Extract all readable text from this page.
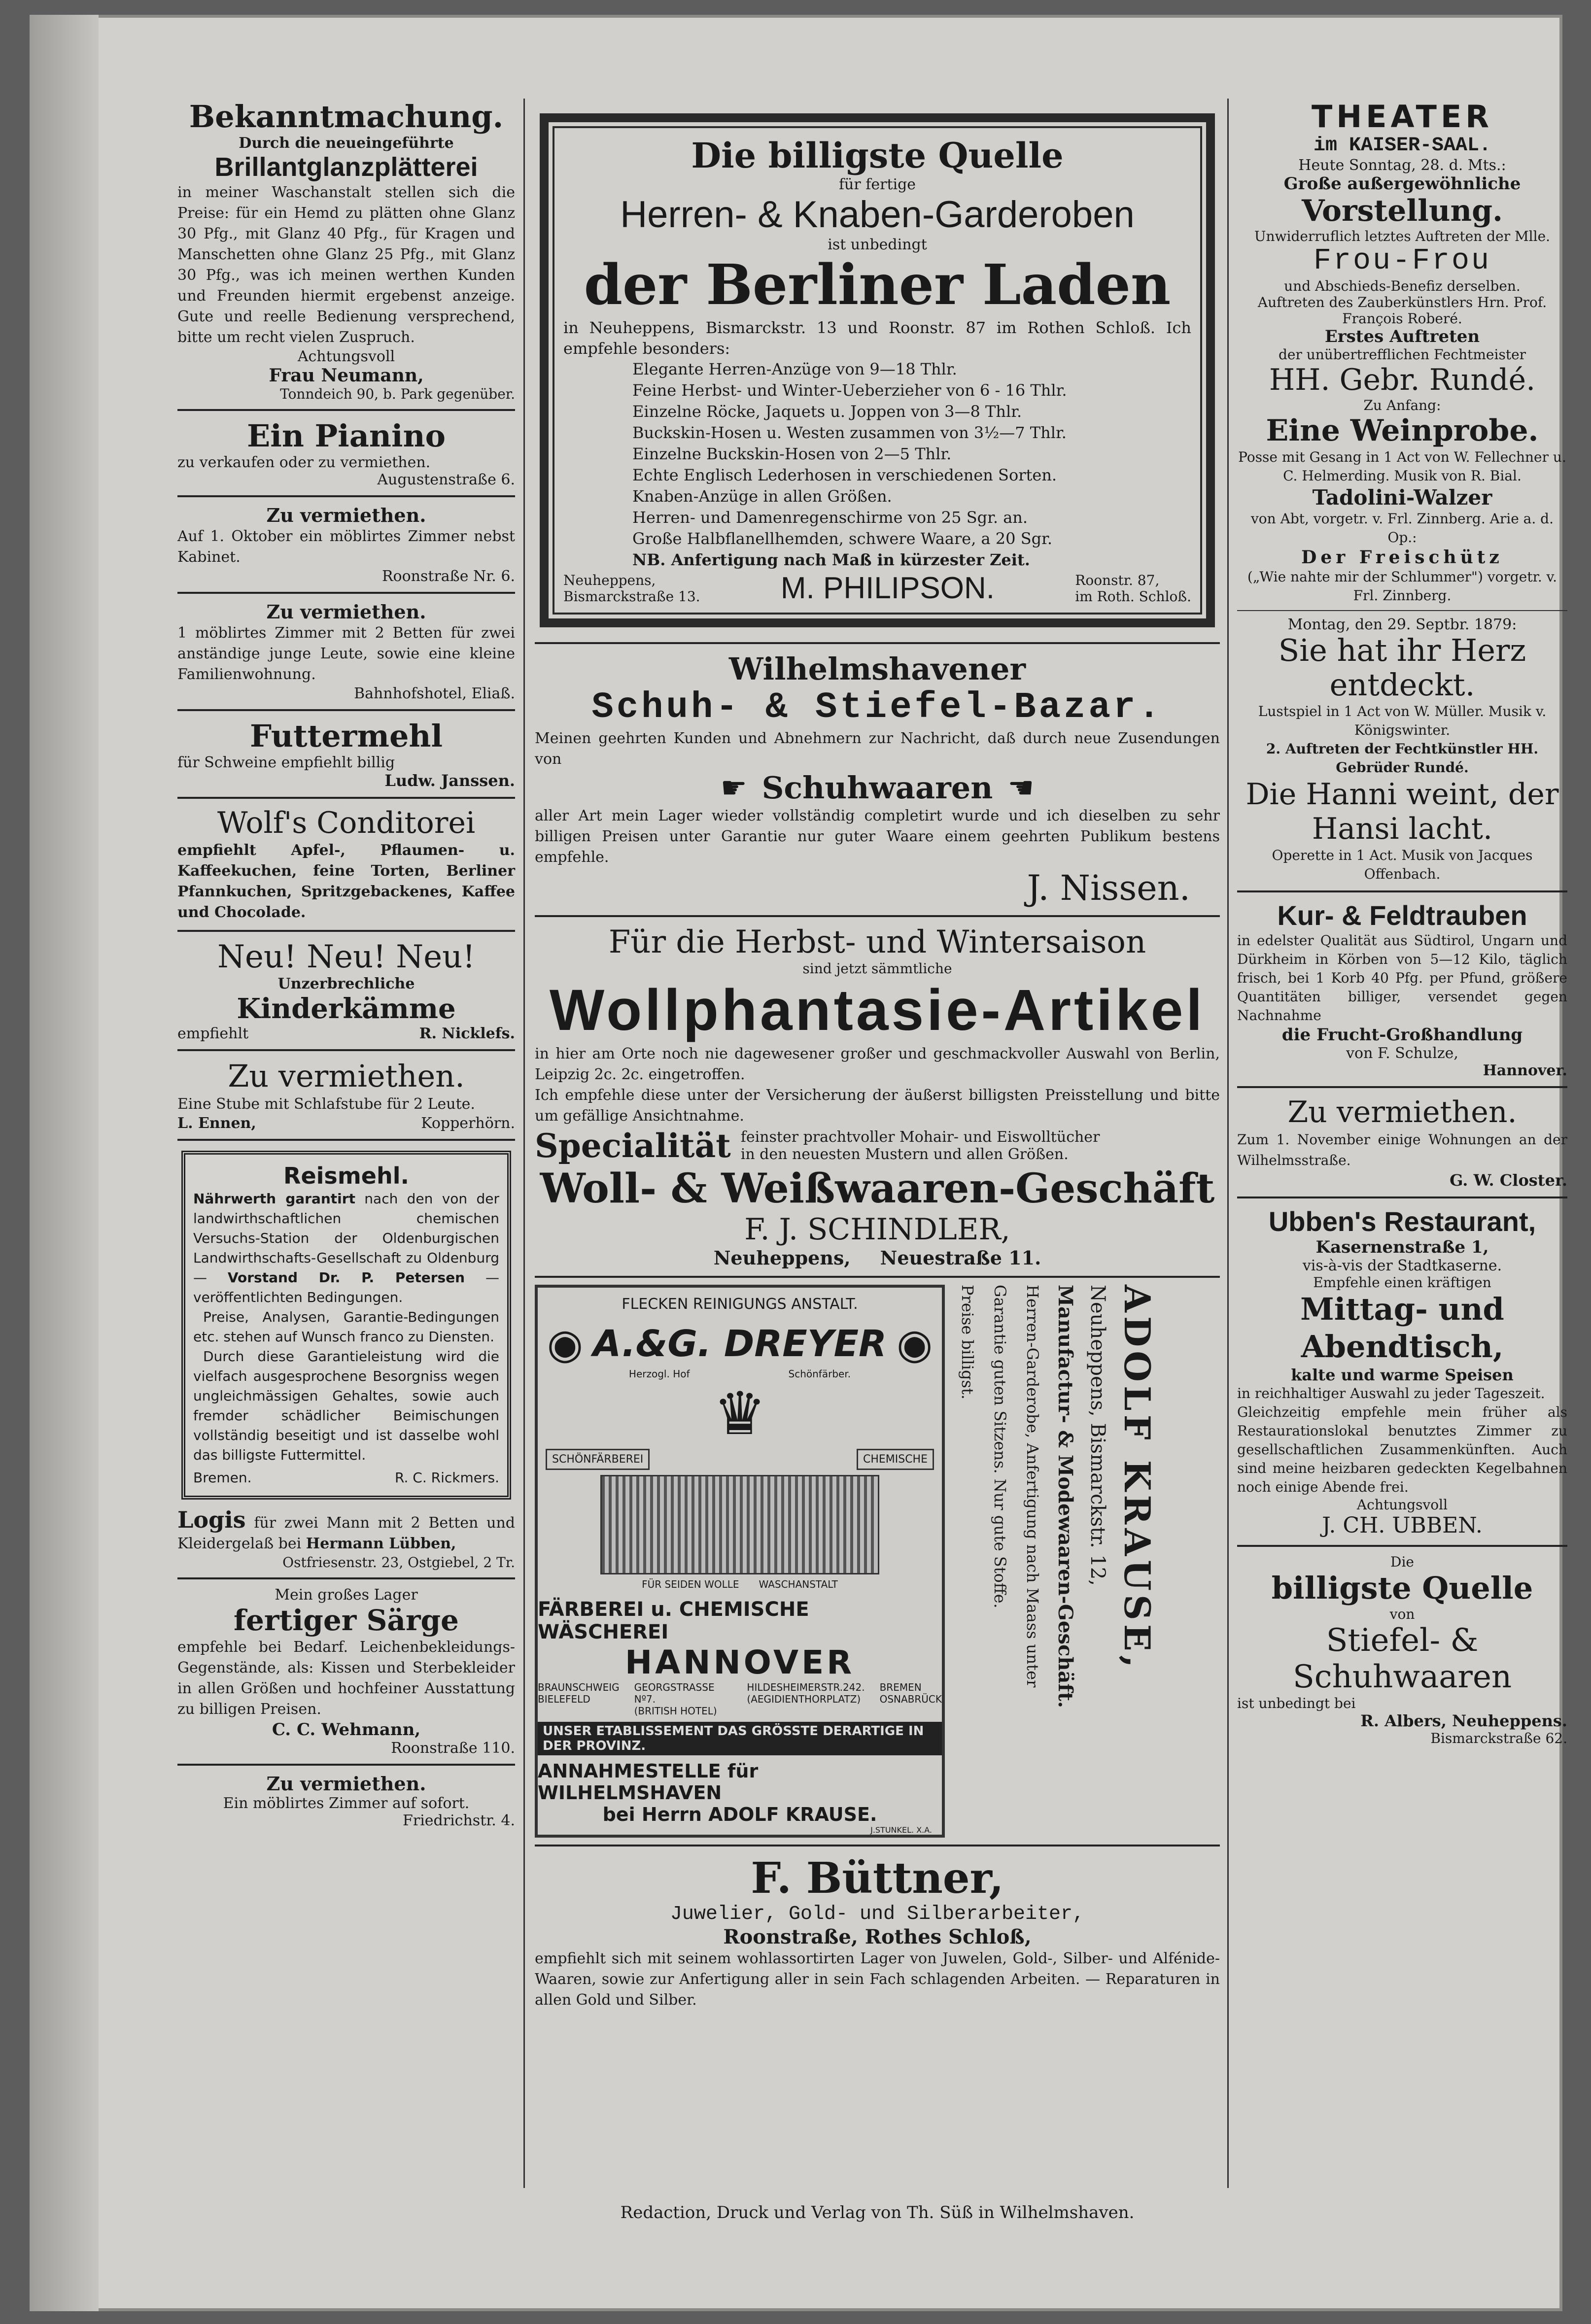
Bekanntmachung.

Durch die neueingeführte

Brillantglanzplätterei

in meiner Waschanstalt stellen sich die Preise: für ein Hemd zu plätten ohne Glanz 30 Pfg., mit Glanz 40 Pfg., für Kragen und Manschetten ohne Glanz 25 Pfg., mit Glanz 30 Pfg., was ich meinen werthen Kunden und Freunden hiermit ergebenst anzeige. Gute und reelle Bedienung versprechend, bitte um recht vielen Zuspruch.

Achtungsvoll

Frau Neumann,

Tonndeich 90, b. Park gegenüber.

Ein Pianino

zu verkaufen oder zu vermiethen.

Augustenstraße 6.

Zu vermiethen.

Auf 1. Oktober ein möblirtes Zimmer nebst Kabinet.

Roonstraße Nr. 6.

Zu vermiethen.

1 möblirtes Zimmer mit 2 Betten für zwei anständige junge Leute, sowie eine kleine Familienwohnung.

Bahnhofshotel, Eliaß.

Futtermehl

für Schweine empfiehlt billig

Ludw. Janssen.

Wolf's Conditorei

empfiehlt Apfel-, Pflaumen- u. Kaffeekuchen, feine Torten, Berliner Pfannkuchen, Spritzgebackenes, Kaffee und Chocolade.

Neu! Neu! Neu!

Unzerbrechliche

Kinderkämme

empfiehlt	R. Nicklefs.

Zu vermiethen.

Eine Stube mit Schlafstube für 2 Leute.

L. Ennen,	Kopperhörn.

Reismehl.

Nährwerth garantirt nach den von der landwirthschaftlichen chemischen Versuchs-Station der Oldenburgischen Landwirthschafts-Gesellschaft zu Oldenburg — Vorstand Dr. P. Petersen — veröffentlichten Bedingungen.

Preise, Analysen, Garantie-Bedingungen etc. stehen auf Wunsch franco zu Diensten.

Durch diese Garantieleistung wird die vielfach ausgesprochene Besorgniss wegen ungleichmässigen Gehaltes, sowie auch fremder schädlicher Beimischungen vollständig beseitigt und ist dasselbe wohl das billigste Futtermittel.

Bremen.	R. C. Rickmers.

Logis für zwei Mann mit 2 Betten und Kleidergelaß bei Hermann Lübben,

Ostfriesenstr. 23, Ostgiebel, 2 Tr.

Mein großes Lager

fertiger Särge

empfehle bei Bedarf. Leichenbekleidungs-Gegenstände, als: Kissen und Sterbekleider in allen Größen und hochfeiner Ausstattung zu billigen Preisen.

C. C. Wehmann,

Roonstraße 110.

Zu vermiethen.

Ein möblirtes Zimmer auf sofort.

Friedrichstr. 4.

Die billigste Quelle

für fertige

Herren- & Knaben-Garderoben

ist unbedingt

der Berliner Laden

in Neuheppens, Bismarckstr. 13 und Roonstr. 87 im Rothen Schloß. Ich empfehle besonders:

Elegante Herren-Anzüge von 9—18 Thlr.
Feine Herbst- und Winter-Ueberzieher von 6 - 16 Thlr.
Einzelne Röcke, Jaquets u. Joppen von 3—8 Thlr.
Buckskin-Hosen u. Westen zusammen von 3½—7 Thlr.
Einzelne Buckskin-Hosen von 2—5 Thlr.
Echte Englisch Lederhosen in verschiedenen Sorten.
Knaben-Anzüge in allen Größen.
Herren- und Damenregenschirme von 25 Sgr. an.
Große Halbflanellhemden, schwere Waare, a 20 Sgr.
NB. Anfertigung nach Maß in kürzester Zeit.
Neuheppens,
Bismarckstraße 13.	M. PHILIPSON.	Roonstr. 87,
im Roth. Schloß.

Wilhelmshavener

Schuh- & Stiefel-Bazar.

Meinen geehrten Kunden und Abnehmern zur Nachricht, daß durch neue Zusendungen von

☛ Schuhwaaren ☚

aller Art mein Lager wieder vollständig completirt wurde und ich dieselben zu sehr billigen Preisen unter Garantie nur guter Waare einem geehrten Publikum bestens empfehle.

J. Nissen.

Für die Herbst- und Wintersaison

sind jetzt sämmtliche

Wollphantasie-Artikel

in hier am Orte noch nie dagewesener großer und geschmackvoller Auswahl von Berlin, Leipzig 2c. 2c. eingetroffen.

Ich empfehle diese unter der Versicherung der äußerst billigsten Preisstellung und bitte um gefällige Ansichtnahme.

Specialität feinster prachtvoller Mohair- und Eiswolltücher
in den neuesten Mustern und allen Größen.

Woll- & Weißwaaren-Geschäft

F. J. SCHINDLER,

Neuheppens, Neuestraße 11.
FLECKEN REINIGUNGS ANSTALT.
◉ A.&G. DREYER ◉
Herzogl. Hof	Schönfärber.
♛
SCHÖNFÄRBEREI	CHEMISCHE
FÜR SEIDEN WOLLE WASCHANSTALT
FÄRBEREI u. CHEMISCHE WÄSCHEREI
HANNOVER
BRAUNSCHWEIG
BIELEFELD
GEORGSTRASSE Nº7.
(BRITISH HOTEL)
HILDESHEIMERSTR.242.
(AEGIDIENTHORPLATZ)
BREMEN
OSNABRÜCK
UNSER ETABLISSEMENT DAS GRÖSSTE DERARTIGE IN DER PROVINZ.
ANNAHMESTELLE für WILHELMSHAVEN
bei Herrn ADOLF KRAUSE.
J.STUNKEL. X.A.
ADOLF KRAUSE,
Neuheppens, Bismarckstr. 12,
Manufactur- & Modewaaren-Geschäft.
Herren-Garderobe, Anfertigung nach Maass unter
Garantie guten Sitzens. Nur gute Stoffe.
Preise billigst.

F. Büttner,

Juwelier, Gold- und Silberarbeiter,

Roonstraße, Rothes Schloß,

empfiehlt sich mit seinem wohlassortirten Lager von Juwelen, Gold-, Silber- und Alfénide-Waaren, sowie zur Anfertigung aller in sein Fach schlagenden Arbeiten. — Reparaturen in allen Gold und Silber.

THEATER

im KAISER-SAAL.

Heute Sonntag, 28. d. Mts.:

Große außergewöhnliche

Vorstellung.

Unwiderruflich letztes Auftreten der Mlle.

Frou-Frou

und Abschieds-Benefiz derselben.

Auftreten des Zauberkünstlers Hrn. Prof. François Roberé.

Erstes Auftreten

der unübertrefflichen Fechtmeister

HH. Gebr. Rundé.

Zu Anfang:

Eine Weinprobe.

Posse mit Gesang in 1 Act von W. Fellechner u. C. Helmerding. Musik von R. Bial.

Tadolini-Walzer

von Abt, vorgetr. v. Frl. Zinnberg. Arie a. d. Op.:

Der Freischütz

(„Wie nahte mir der Schlummer") vorgetr. v. Frl. Zinnberg.

Montag, den 29. Septbr. 1879:

Sie hat ihr Herz entdeckt.

Lustspiel in 1 Act von W. Müller. Musik v. Königswinter.

2. Auftreten der Fechtkünstler HH. Gebrüder Rundé.

Die Hanni weint, der Hansi lacht.

Operette in 1 Act. Musik von Jacques Offenbach.

Kur- & Feldtrauben

in edelster Qualität aus Südtirol, Ungarn und Dürkheim in Körben von 5—12 Kilo, täglich frisch, bei 1 Korb 40 Pfg. per Pfund, größere Quantitäten billiger, versendet gegen Nachnahme

die Frucht-Großhandlung

von F. Schulze,

Hannover.

Zu vermiethen.

Zum 1. November einige Wohnungen an der Wilhelmsstraße.

G. W. Closter.

Ubben's Restaurant,

Kasernenstraße 1,

vis-à-vis der Stadtkaserne.

Empfehle einen kräftigen

Mittag- und Abendtisch,

kalte und warme Speisen

in reichhaltiger Auswahl zu jeder Tageszeit.

Gleichzeitig empfehle mein früher als Restaurationslokal benutztes Zimmer zu gesellschaftlichen Zusammenkünften. Auch sind meine heizbaren gedeckten Kegelbahnen noch einige Abende frei.

Achtungsvoll

J. CH. UBBEN.

Die

billigste Quelle

von

Stiefel- & Schuhwaaren

ist unbedingt bei

R. Albers, Neuheppens.

Bismarckstraße 62.

Redaction, Druck und Verlag von Th. Süß in Wilhelmshaven.
